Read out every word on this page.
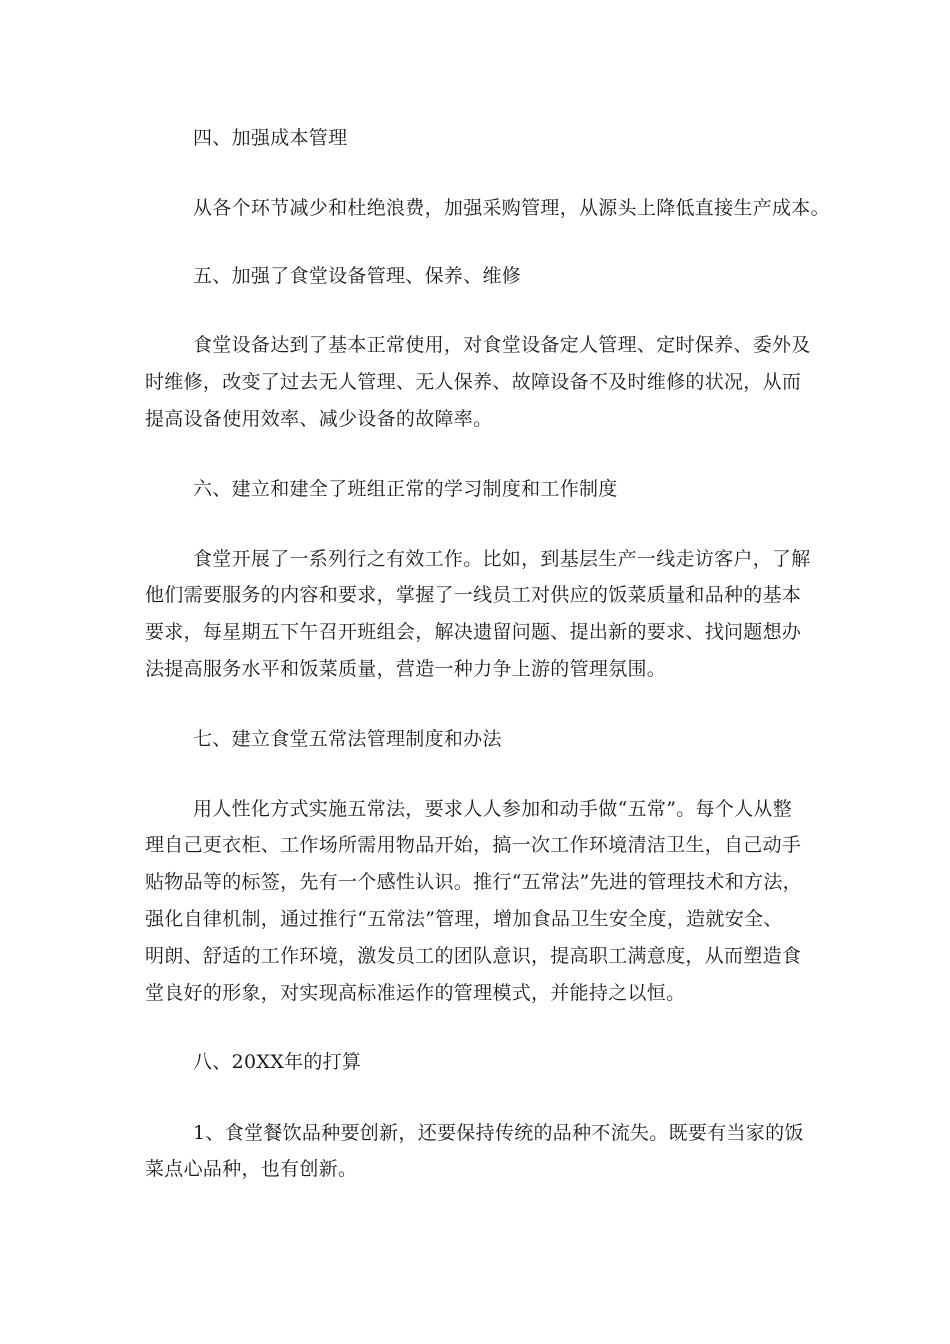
四、加强成本管理
从各个环节减少和杜绝浪费，加强采购管理，从源头上降低直接生产成本。
五、加强了食堂设备管理、保养、维修
食堂设备达到了基本正常使用，对食堂设备定人管理、定时保养、委外及
时维修，改变了过去无人管理、无人保养、故障设备不及时维修的状况，从而
提高设备使用效率、减少设备的故障率。
六、建立和建全了班组正常的学习制度和工作制度
食堂开展了一系列行之有效工作。比如，到基层生产一线走访客户，了解
他们需要服务的内容和要求，掌握了一线员工对供应的饭菜质量和品种的基本
要求，每星期五下午召开班组会，解决遗留问题、提出新的要求、找问题想办
法提高服务水平和饭菜质量，营造一种力争上游的管理氛围。
七、建立食堂五常法管理制度和办法
用人性化方式实施五常法，要求人人参加和动手做“五常”。每个人从整
理自己更衣柜、工作场所需用物品开始，搞一次工作环境清洁卫生，自己动手
贴物品等的标签，先有一个感性认识。推行“五常法”先进的管理技术和方法，
强化自律机制，通过推行“五常法”管理，增加食品卫生安全度，造就安全、
明朗、舒适的工作环境，激发员工的团队意识，提高职工满意度，从而塑造食
堂良好的形象，对实现高标准运作的管理模式，并能持之以恒。
八、20XX年的打算
1、食堂餐饮品种要创新，还要保持传统的品种不流失。既要有当家的饭
菜点心品种，也有创新。
